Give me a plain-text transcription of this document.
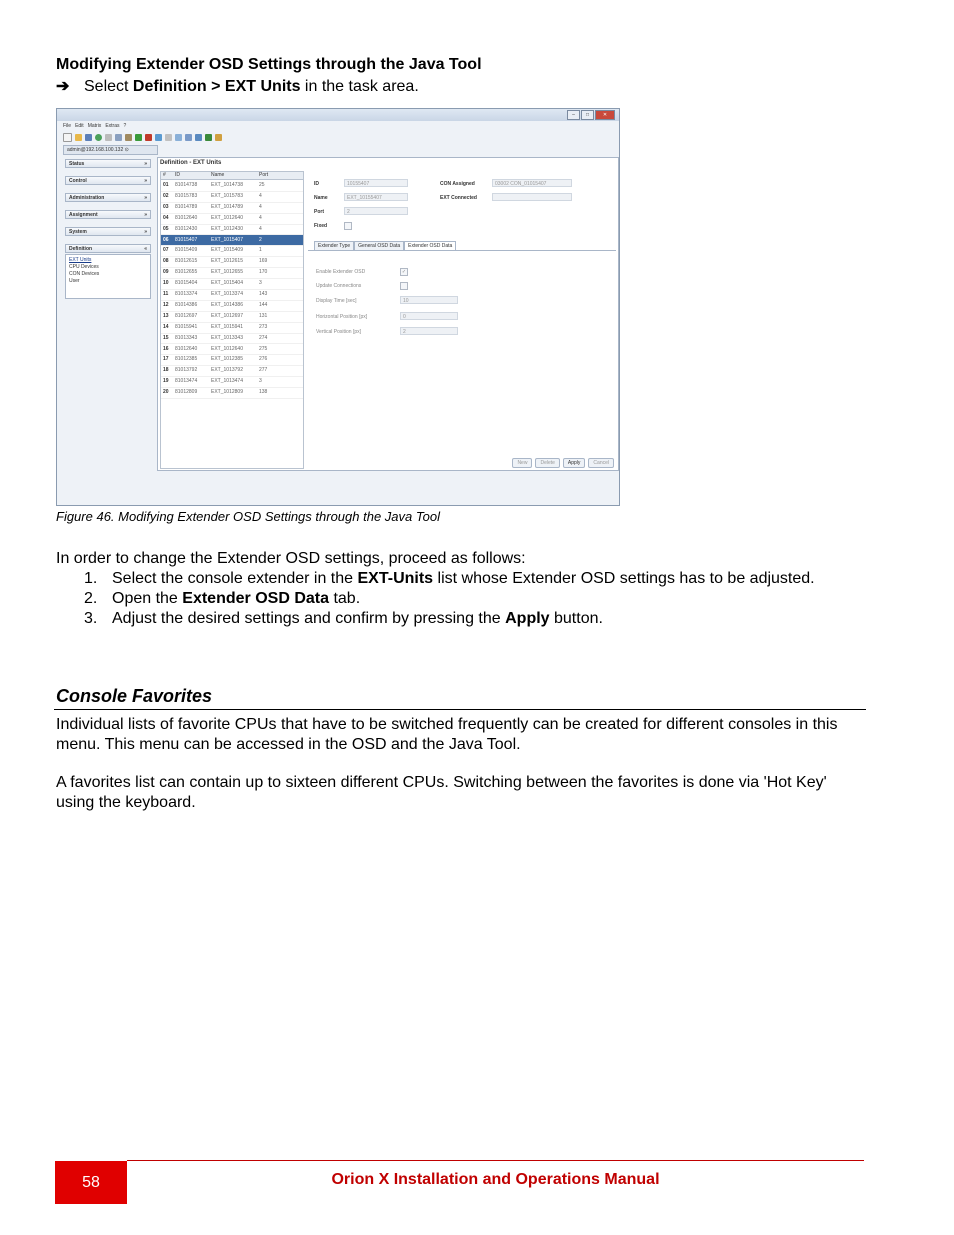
Modifying Extender OSD Settings through the Java Tool
➔ Select Definition > EXT Units in the task area.
–	□	✕
File Edit Matrix Extras ?
admin@192.168.100.132 ⊙
Status	»
Control	»
Administration	»
Assignment	»
System	»
Definition	«
EXT Units
CPU Devices
CON Devices
User
Definition - EXT Units
#	ID	Name	Port
01	81014738	EXT_1014738	25
02	81015783	EXT_1015783	4
03	81014789	EXT_1014789	4
04	81012640	EXT_1012640	4
05	81012430	EXT_1012430	4
06	81015407	EXT_1015407	2
07	81015409	EXT_1015409	1
08	81012615	EXT_1012615	169
09	81012655	EXT_1012655	170
10	81015404	EXT_1015404	3
11	81013374	EXT_1013374	143
12	81014386	EXT_1014386	144
13	81012697	EXT_1012697	131
14	81015941	EXT_1015941	273
15	81013343	EXT_1013343	274
16	81012640	EXT_1012640	275
17	81012385	EXT_1012385	276
18	81013792	EXT_1013792	277
19	81013474	EXT_1013474	3
20	81012809	EXT_1012809	138
ID	10155407
Name	EXT_10155407
Port	2
Fixed
CON Assigned	03002 CON_01015407
EXT Connected
Extender Type	General OSD Data	Extender OSD Data
Enable Extender OSD	✓
Update Connections
Display Time [sec]	10
Horizontal Position [px]	0
Vertical Position [px]	2
New	Delete	Apply	Cancel
Figure 46. Modifying Extender OSD Settings through the Java Tool
In order to change the Extender OSD settings, proceed as follows:
1. Select the console extender in the EXT-Units list whose Extender OSD settings has to be adjusted.
2. Open the Extender OSD Data tab.
3. Adjust the desired settings and confirm by pressing the Apply button.
Console Favorites
Individual lists of favorite CPUs that have to be switched frequently can be created for different consoles in this menu. This menu can be accessed in the OSD and the Java Tool.
A favorites list can contain up to sixteen different CPUs. Switching between the favorites is done via 'Hot Key' using the keyboard.
58	Orion X Installation and Operations Manual
